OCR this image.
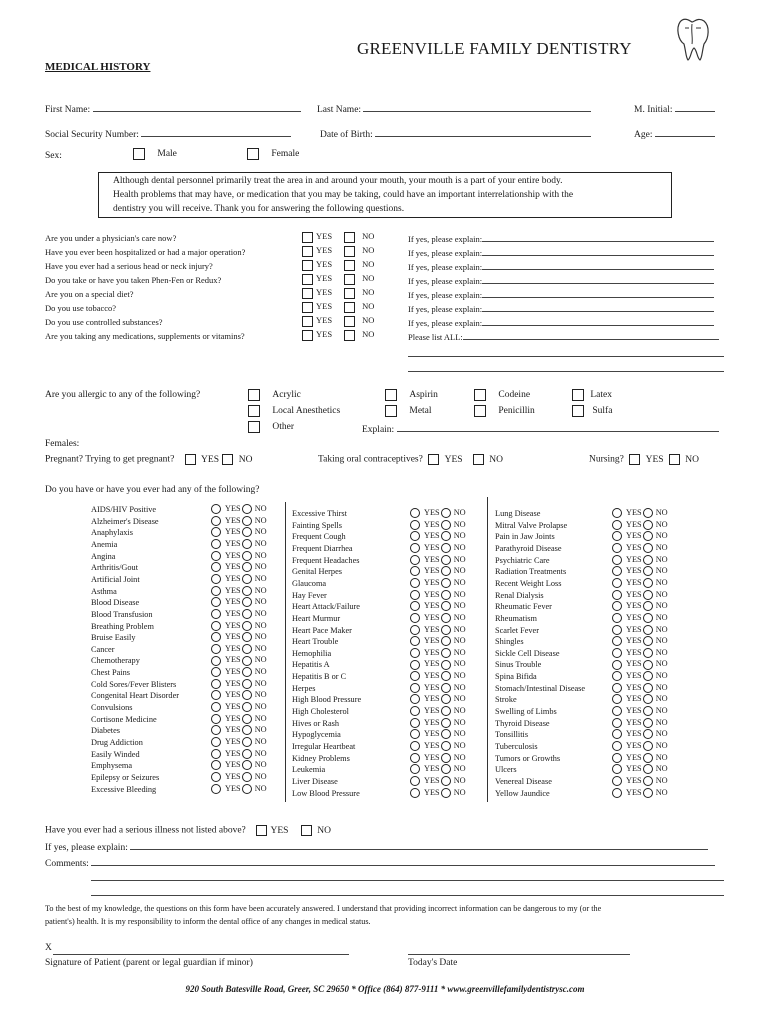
GREENVILLE FAMILY DENTISTRY
MEDICAL HISTORY
First Name:	Last Name:	M. Initial:
Social Security Number:	Date of Birth:	Age:
Sex:	Male	Female
Although dental personnel primarily treat the area in and around your mouth, your mouth is a part of your entire body.
Health problems that may have, or medication that you may be taking, could have an important interrelationship with the
dentistry you will receive. Thank you for answering the following questions.
Are you under a physician's care now?	YES	NO	If yes, please explain:
Have you ever been hospitalized or had a major operation?	YES	NO	If yes, please explain:
Have you ever had a serious head or neck injury?	YES	NO	If yes, please explain:
Do you take or have you taken Phen-Fen or Redux?	YES	NO	If yes, please explain:
Are you on a special diet?	YES	NO	If yes, please explain:
Do you use tobacco?	YES	NO	If yes, please explain:
Do you use controlled substances?	YES	NO	If yes, please explain:
Are you taking any medications, supplements or vitamins?	YES	NO	Please list ALL:
Are you allergic to any of the following?	Acrylic	Aspirin	Codeine	Latex
Local Anesthetics	Metal	Penicillin	Sulfa
Other	Explain:
Females:
Pregnant? Trying to get pregnant?	YES NO	Taking oral contraceptives? YES	NO	Nursing? YES NO
Do you have or have you ever had any of the following?
AIDS/HIV Positive	YES NO
Alzheimer's Disease	YES NO
Anaphylaxis	YES NO
Anemia	YES NO
Angina	YES NO
Arthritis/Gout	YES NO
Artificial Joint	YES NO
Asthma	YES NO
Blood Disease	YES NO
Blood Transfusion	YES NO
Breathing Problem	YES NO
Bruise Easily	YES NO
Cancer	YES NO
Chemotherapy	YES NO
Chest Pains	YES NO
Cold Sores/Fever Blisters	YES NO
Congenital Heart Disorder	YES NO
Convulsions	YES NO
Cortisone Medicine	YES NO
Diabetes	YES NO
Drug Addiction	YES NO
Easily Winded	YES NO
Emphysema	YES NO
Epilepsy or Seizures	YES NO
Excessive Bleeding	YES NO
Excessive Thirst	YES NO
Fainting Spells	YES NO
Frequent Cough	YES NO
Frequent Diarrhea	YES NO
Frequent Headaches	YES NO
Genital Herpes	YES NO
Glaucoma	YES NO
Hay Fever	YES NO
Heart Attack/Failure	YES NO
Heart Murmur	YES NO
Heart Pace Maker	YES NO
Heart Trouble	YES NO
Hemophilia	YES NO
Hepatitis A	YES NO
Hepatitis B or C	YES NO
Herpes	YES NO
High Blood Pressure	YES NO
High Cholesterol	YES NO
Hives or Rash	YES NO
Hypoglycemia	YES NO
Irregular Heartbeat	YES NO
Kidney Problems	YES NO
Leukemia	YES NO
Liver Disease	YES NO
Low Blood Pressure	YES NO
Lung Disease	YES NO
Mitral Valve Prolapse	YES NO
Pain in Jaw Joints	YES NO
Parathyroid Disease	YES NO
Psychiatric Care	YES NO
Radiation Treatments	YES NO
Recent Weight Loss	YES NO
Renal Dialysis	YES NO
Rheumatic Fever	YES NO
Rheumatism	YES NO
Scarlet Fever	YES NO
Shingles	YES NO
Sickle Cell Disease	YES NO
Sinus Trouble	YES NO
Spina Bifida	YES NO
Stomach/Intestinal Disease	YES NO
Stroke	YES NO
Swelling of Limbs	YES NO
Thyroid Disease	YES NO
Tonsillitis	YES NO
Tuberculosis	YES NO
Tumors or Growths	YES NO
Ulcers	YES NO
Venereal Disease	YES NO
Yellow Jaundice	YES NO
Have you ever had a serious illness not listed above?	YES	NO
If yes, please explain:
Comments:
To the best of my knowledge, the questions on this form have been accurately answered. I understand that providing incorrect information can be dangerous to my (or the
patient's) health. It is my responsibility to inform the dental office of any changes in medical status.
X
Signature of Patient (parent or legal guardian if minor)	Today's Date
920 South Batesville Road, Greer, SC 29650 * Office (864) 877-9111 * www.greenvillefamilydentistrysc.com
